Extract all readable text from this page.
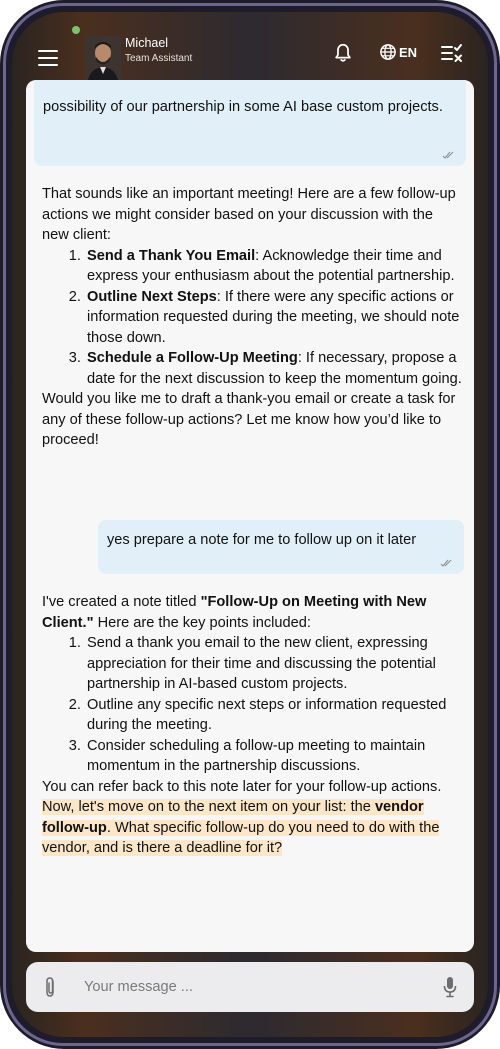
Michael
Team Assistant	EN
possibility of our partnership in some AI base custom projects.
That sounds like an important meeting! Here are a few follow-up actions we might consider based on your discussion with the new client:
1. Send a Thank You Email: Acknowledge their time and express your enthusiasm about the potential partnership.
2. Outline Next Steps: If there were any specific actions or information requested during the meeting, we should note those down.
3. Schedule a Follow-Up Meeting: If necessary, propose a date for the next discussion to keep the momentum going.
Would you like me to draft a thank-you email or create a task for any of these follow-up actions? Let me know how you’d like to proceed!
yes prepare a note for me to follow up on it later
I've created a note titled "Follow-Up on Meeting with New Client." Here are the key points included:
1. Send a thank you email to the new client, expressing appreciation for their time and discussing the potential partnership in AI-based custom projects.
2. Outline any specific next steps or information requested during the meeting.
3. Consider scheduling a follow-up meeting to maintain momentum in the partnership discussions.
You can refer back to this note later for your follow-up actions.
Now, let's move on to the next item on your list: the vendor follow-up. What specific follow-up do you need to do with the vendor, and is there a deadline for it?
Your message ...
